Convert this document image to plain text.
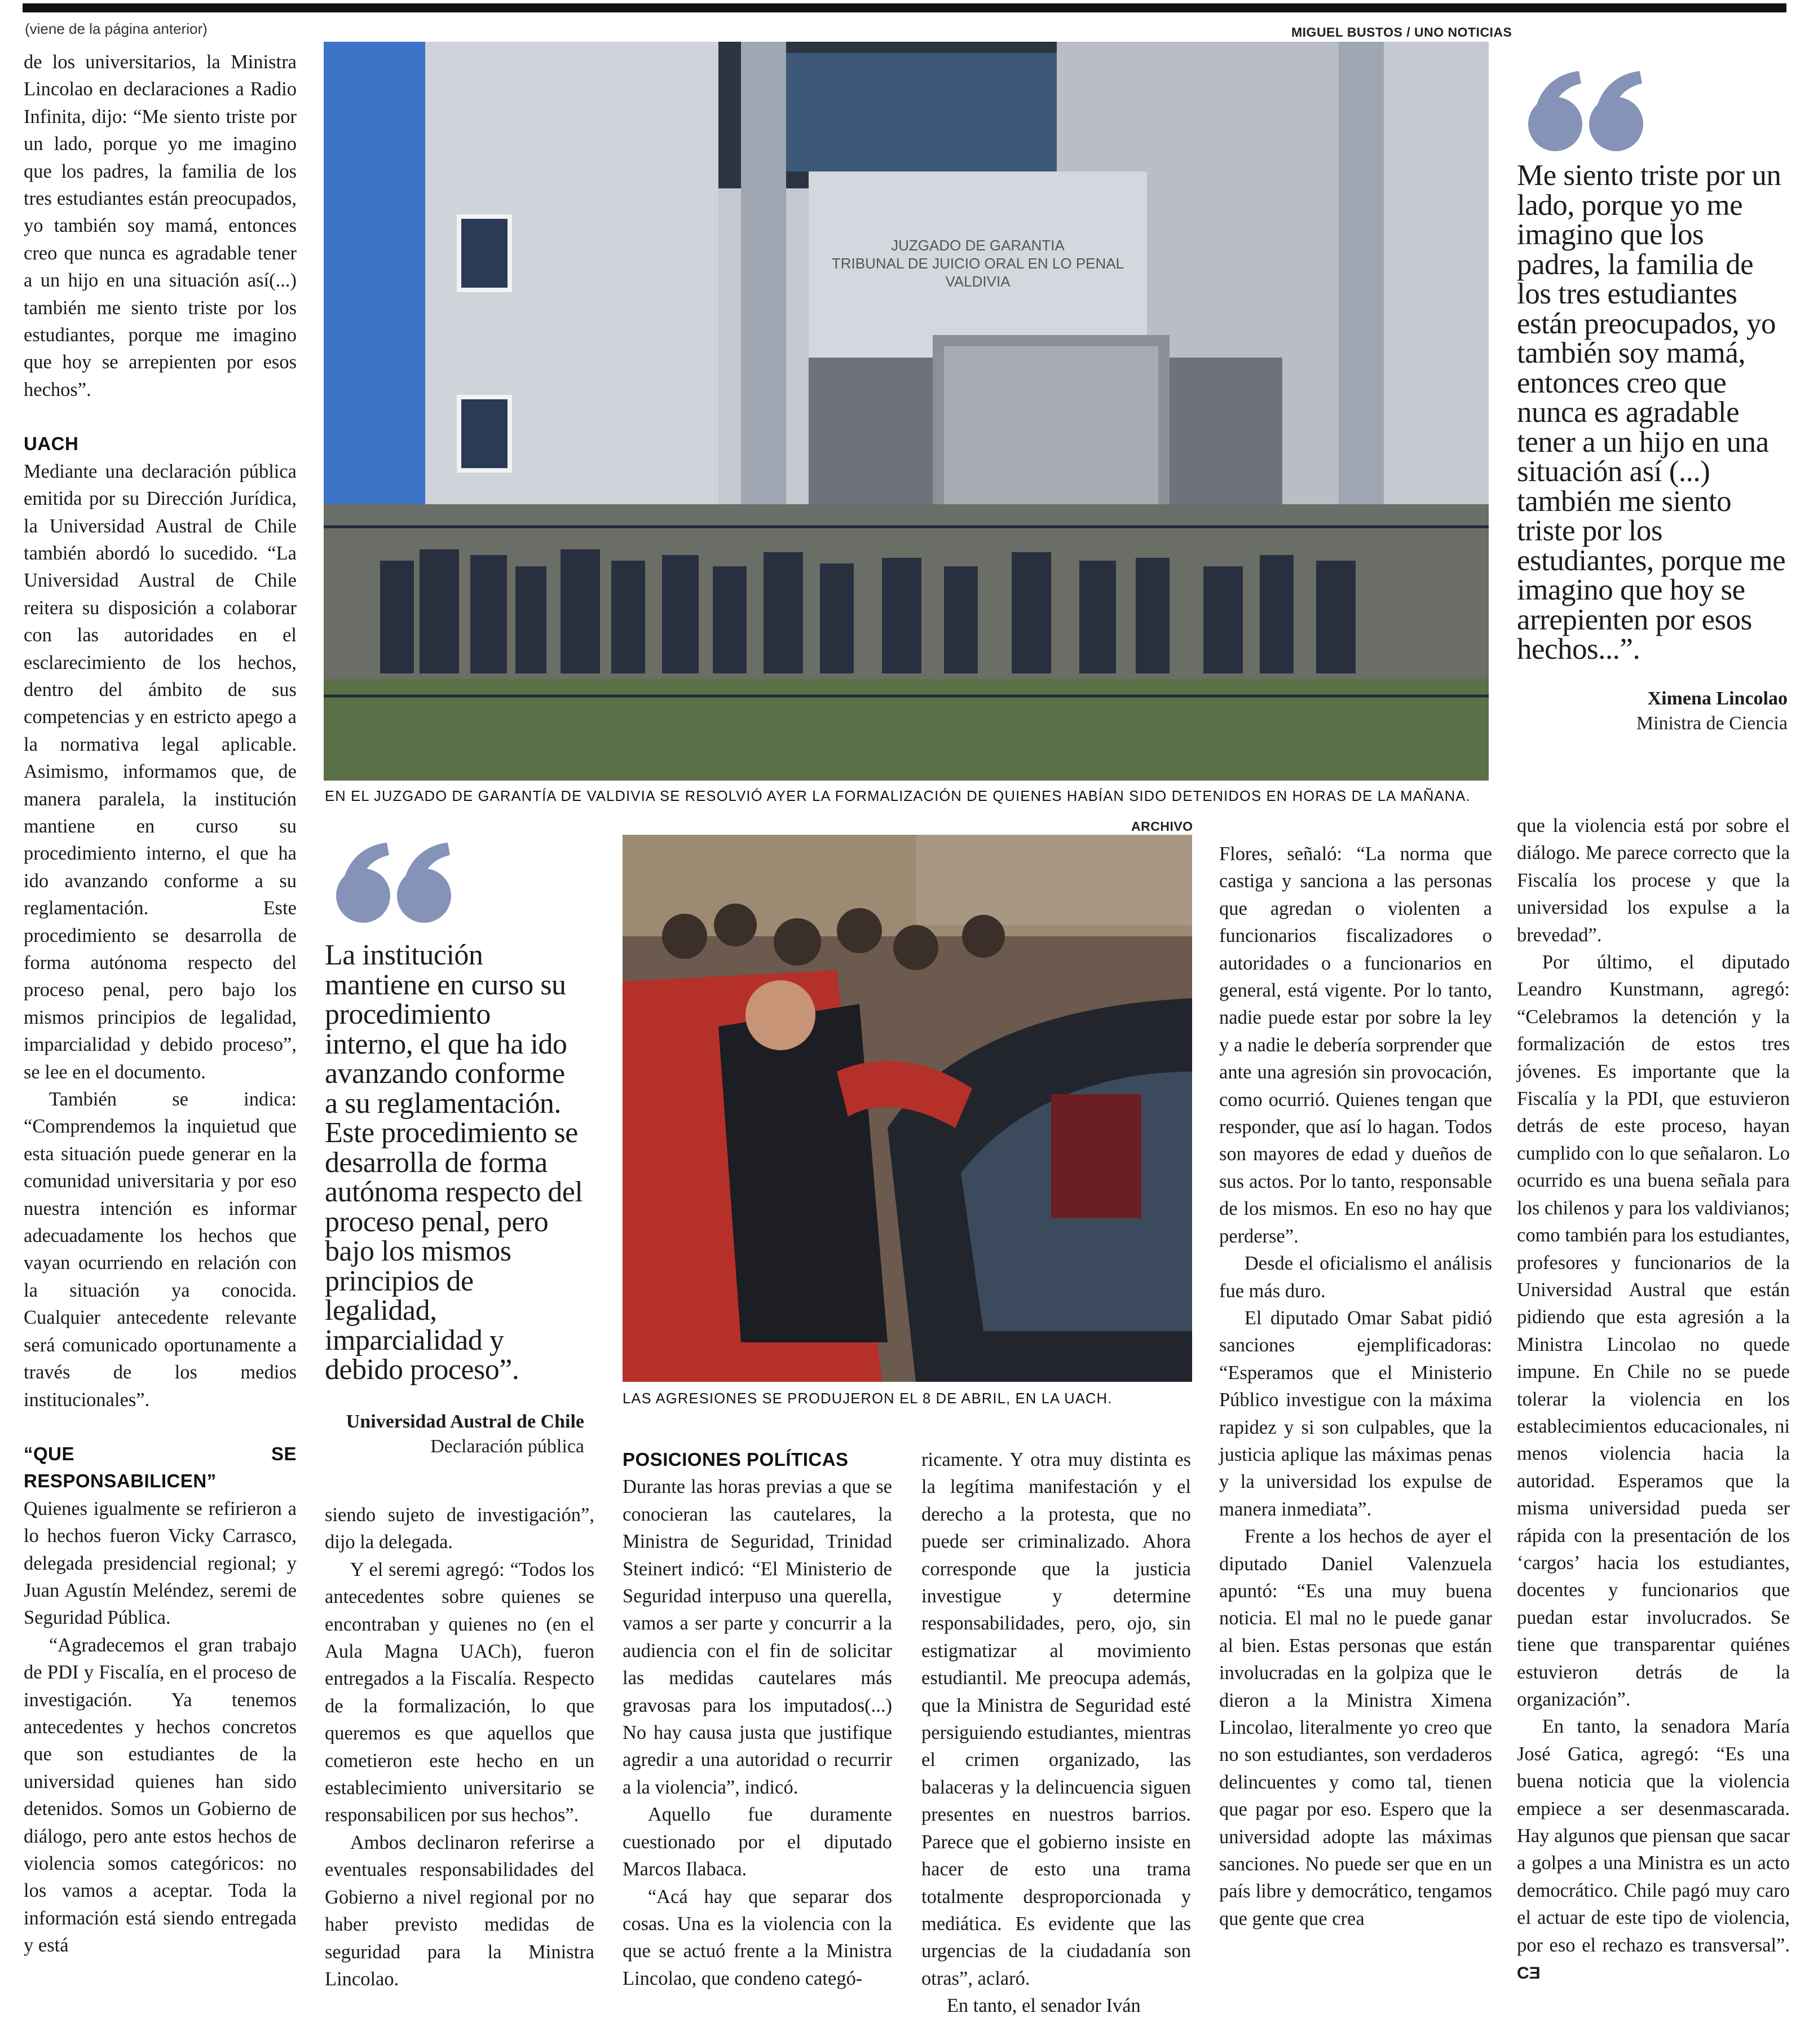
(viene de la página anterior)

de los universitarios, la Ministra Lincolao en declaraciones a Radio Infinita, dijo: “Me siento triste por un lado, porque yo me imagino que los padres, la familia de los tres estudiantes están preocupados, yo también soy mamá, entonces creo que nunca es agradable tener a un hijo en una situación así(...) también me siento triste por los estudiantes, porque me imagino que hoy se arrepienten por esos hechos”.

UACH

Mediante una declaración pública emitida por su Dirección Jurídica, la Universidad Austral de Chile también abordó lo sucedido. “La Universidad Austral de Chile reitera su disposición a colaborar con las autoridades en el esclarecimiento de los hechos, dentro del ámbito de sus competencias y en estricto apego a la normativa legal aplicable. Asimismo, informamos que, de manera paralela, la institución mantiene en curso su procedimiento interno, el que ha ido avanzando conforme a su reglamentación. Este procedimiento se desarrolla de forma autónoma respecto del proceso penal, pero bajo los mismos principios de legalidad, imparcialidad y debido proceso”, se lee en el documento.

También se indica: “Comprendemos la inquietud que esta situación puede generar en la comunidad universitaria y por eso nuestra intención es informar adecuadamente los hechos que vayan ocurriendo en relación con la situación ya conocida. Cualquier antecedente relevante será comunicado oportunamente a través de los medios institucionales”.

“QUE SE RESPONSABILICEN”

Quienes igualmente se refirieron a lo hechos fueron Vicky Carrasco, delegada presidencial regional; y Juan Agustín Meléndez, seremi de Seguridad Pública.

“Agradecemos el gran trabajo de PDI y Fiscalía, en el proceso de investigación. Ya tenemos antecedentes y hechos concretos que son estudiantes de la universidad quienes han sido detenidos. Somos un Gobierno de diálogo, pero ante estos hechos de violencia somos categóricos: no los vamos a aceptar. Toda la información está siendo entregada y está

MIGUEL BUSTOS / UNO NOTICIAS
JUZGADO DE GARANTIA
TRIBUNAL DE JUICIO ORAL EN LO PENAL
VALDIVIA
EN EL JUZGADO DE GARANTÍA DE VALDIVIA SE RESOLVIÓ AYER LA FORMALIZACIÓN DE QUIENES HABÍAN SIDO DETENIDOS EN HORAS DE LA MAÑANA.
Me siento triste por un lado, porque yo me imagino que los padres, la familia de los tres estudiantes están preocupados, yo también soy mamá, entonces creo que nunca es agradable tener a un hijo en una situación así (...) también me siento triste por los estudiantes, porque me imagino que hoy se arrepienten por esos hechos...”.
Ximena Lincolao
Ministra de Ciencia
La institución mantiene en curso su procedimiento interno, el que ha ido avanzando conforme a su reglamentación. Este procedimiento se desarrolla de forma autónoma respecto del proceso penal, pero bajo los mismos principios de legalidad, imparcialidad y debido proceso”.
Universidad Austral de Chile
Declaración pública
ARCHIVO
LAS AGRESIONES SE PRODUJERON EL 8 DE ABRIL, EN LA UACH.

siendo sujeto de investigación”, dijo la delegada.

Y el seremi agregó: “Todos los antecedentes sobre quienes se encontraban y quienes no (en el Aula Magna UACh), fueron entregados a la Fiscalía. Respecto de la formalización, lo que queremos es que aquellos que cometieron este hecho en un establecimiento universitario se responsabilicen por sus hechos”.

Ambos declinaron referirse a eventuales responsabilidades del Gobierno a nivel regional por no haber previsto medidas de seguridad para la Ministra Lincolao.

POSICIONES POLÍTICAS

Durante las horas previas a que se conocieran las cautelares, la Ministra de Seguridad, Trinidad Steinert indicó: “El Ministerio de Seguridad interpuso una querella, vamos a ser parte y concurrir a la audiencia con el fin de solicitar las medidas cautelares más gravosas para los imputados(...) No hay causa justa que justifique agredir a una autoridad o recurrir a la violencia”, indicó.

Aquello fue duramente cuestionado por el diputado Marcos Ilabaca.

“Acá hay que separar dos cosas. Una es la violencia con la que se actuó frente a la Ministra Lincolao, que condeno categó-

ricamente. Y otra muy distinta es la legítima manifestación y el derecho a la protesta, que no puede ser criminalizado. Ahora corresponde que la justicia investigue y determine responsabilidades, pero, ojo, sin estigmatizar al movimiento estudiantil. Me preocupa además, que la Ministra de Seguridad esté persiguiendo estudiantes, mientras el crimen organizado, las balaceras y la delincuencia siguen presentes en nuestros barrios. Parece que el gobierno insiste en hacer de esto una trama totalmente desproporcionada y mediática. Es evidente que las urgencias de la ciudadanía son otras”, aclaró.

En tanto, el senador Iván

Flores, señaló: “La norma que castiga y sanciona a las personas que agredan o violenten a funcionarios fiscalizadores o autoridades o a funcionarios en general, está vigente. Por lo tanto, nadie puede estar por sobre la ley y a nadie le debería sorprender que ante una agresión sin provocación, como ocurrió. Quienes tengan que responder, que así lo hagan. Todos son mayores de edad y dueños de sus actos. Por lo tanto, responsable de los mismos. En eso no hay que perderse”.

Desde el oficialismo el análisis fue más duro.

El diputado Omar Sabat pidió sanciones ejemplificadoras: “Esperamos que el Ministerio Público investigue con la máxima rapidez y si son culpables, que la justicia aplique las máximas penas y la universidad los expulse de manera inmediata”.

Frente a los hechos de ayer el diputado Daniel Valenzuela apuntó: “Es una muy buena noticia. El mal no le puede ganar al bien. Estas personas que están involucradas en la golpiza que le dieron a la Ministra Ximena Lincolao, literalmente yo creo que no son estudiantes, son verdaderos delincuentes y como tal, tienen que pagar por eso. Espero que la universidad adopte las máximas sanciones. No puede ser que en un país libre y democrático, tengamos que gente que crea

que la violencia está por sobre el diálogo. Me parece correcto que la Fiscalía los procese y que la universidad los expulse a la brevedad”.

Por último, el diputado Leandro Kunstmann, agregó: “Celebramos la detención y la formalización de estos tres jóvenes. Es importante que la Fiscalía y la PDI, que estuvieron detrás de este proceso, hayan cumplido con lo que señalaron. Lo ocurrido es una buena señala para los chilenos y para los valdivianos; como también para los estudiantes, profesores y funcionarios de la Universidad Austral que están pidiendo que esta agresión a la Ministra Lincolao no quede impune. En Chile no se puede tolerar la violencia en los establecimientos educacionales, ni menos violencia hacia la autoridad. Esperamos que la misma universidad pueda ser rápida con la presentación de los ‘cargos’ hacia los estudiantes, docentes y funcionarios que puedan estar involucrados. Se tiene que transparentar quiénes estuvieron detrás de la organización”.

En tanto, la senadora María José Gatica, agregó: “Es una buena noticia que la violencia empiece a ser desenmascarada. Hay algunos que piensan que sacar a golpes a una Ministra es un acto democrático. Chile pagó muy caro el actuar de este tipo de violencia, por eso el rechazo es transversal”. CƎ
